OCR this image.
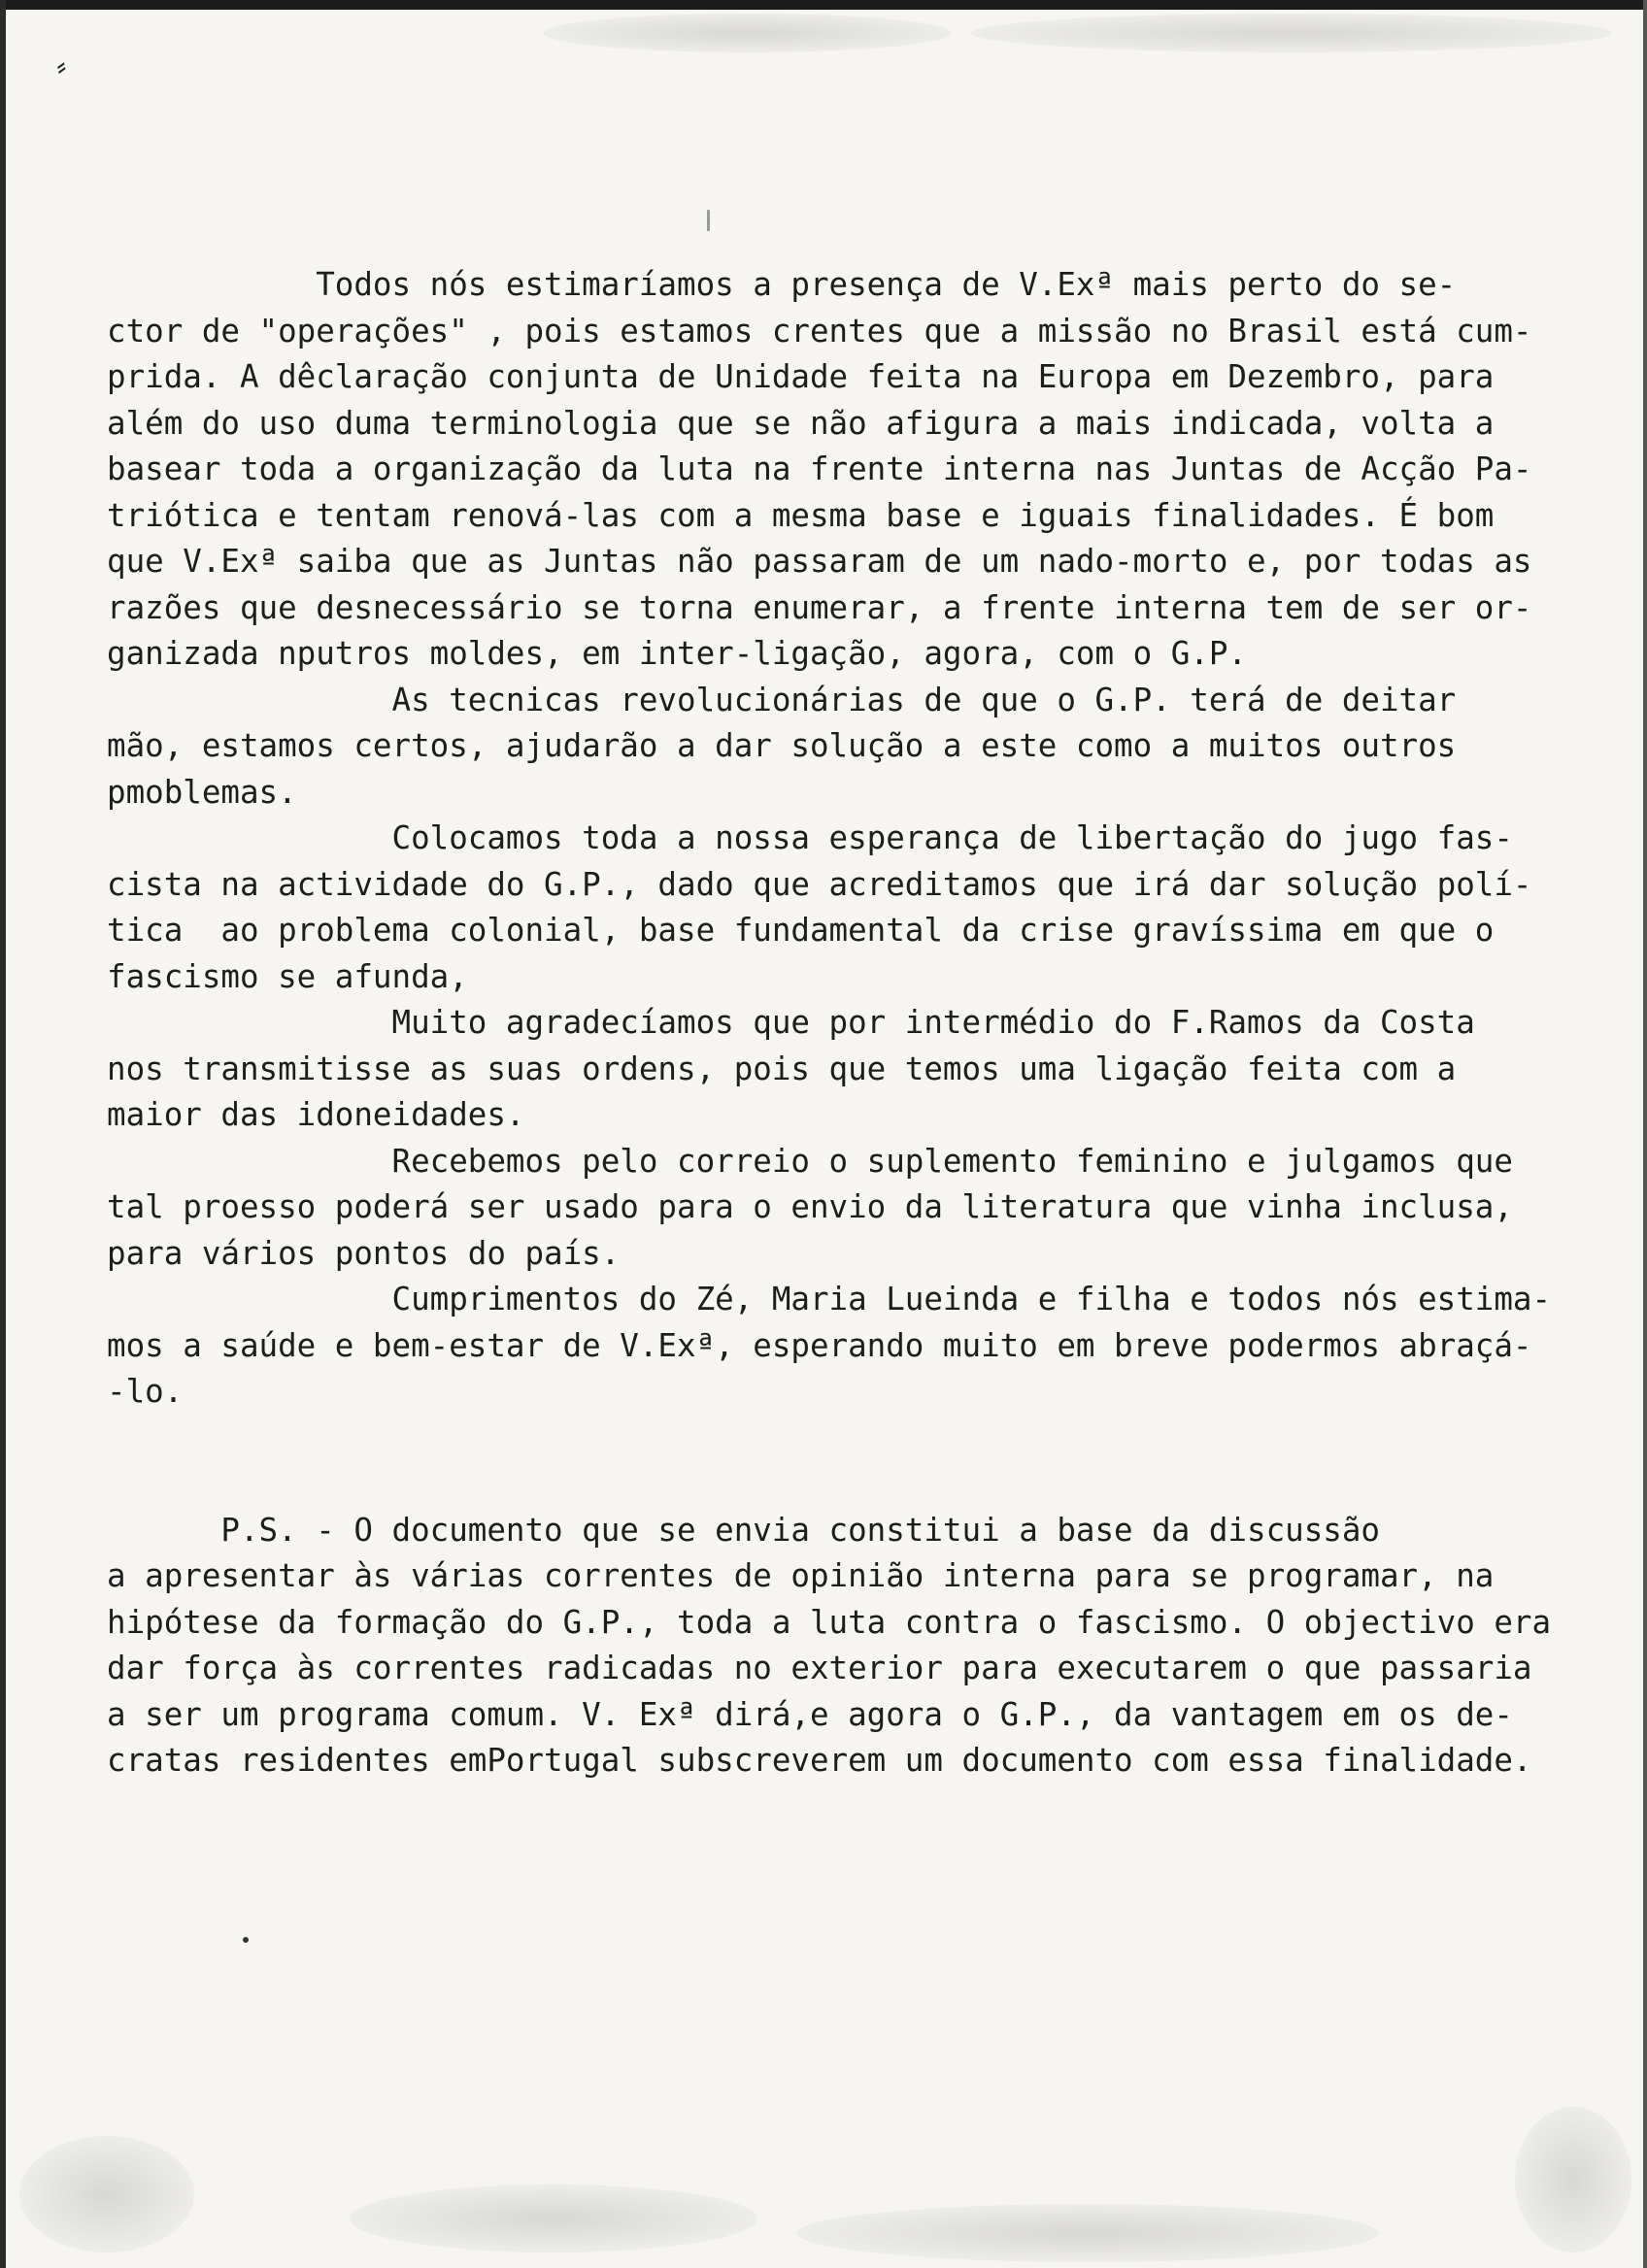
⸗
Todos nós estimaríamos a presença de V.Exª mais perto do se-
ctor de "operações" , pois estamos crentes que a missão no Brasil está cum-
prida. A dêclaração conjunta de Unidade feita na Europa em Dezembro, para
além do uso duma terminologia que se não afigura a mais indicada, volta a
basear toda a organização da luta na frente interna nas Juntas de Acção Pa-
triótica e tentam renová-las com a mesma base e iguais finalidades. É bom
que V.Exª saiba que as Juntas não passaram de um nado-morto e, por todas as
razões que desnecessário se torna enumerar, a frente interna tem de ser or-
ganizada nputros moldes, em inter-ligação, agora, com o G.P.
As tecnicas revolucionárias de que o G.P. terá de deitar
mão, estamos certos, ajudarão a dar solução a este como a muitos outros
pmoblemas.
Colocamos toda a nossa esperança de libertação do jugo fas-
cista na actividade do G.P., dado que acreditamos que irá dar solução polí-
tica  ao problema colonial, base fundamental da crise gravíssima em que o
fascismo se afunda,
Muito agradecíamos que por intermédio do F.Ramos da Costa
nos transmitisse as suas ordens, pois que temos uma ligação feita com a
maior das idoneidades.
Recebemos pelo correio o suplemento feminino e julgamos que
tal proesso poderá ser usado para o envio da literatura que vinha inclusa,
para vários pontos do país.
Cumprimentos do Zé, Maria Lueinda e filha e todos nós estima-
mos a saúde e bem-estar de V.Exª, esperando muito em breve podermos abraçá-
-lo.
P.S. - O documento que se envia constitui a base da discussão
a apresentar às várias correntes de opinião interna para se programar, na
hipótese da formação do G.P., toda a luta contra o fascismo. O objectivo era
dar força às correntes radicadas no exterior para executarem o que passaria
a ser um programa comum. V. Exª dirá,e agora o G.P., da vantagem em os de-
cratas residentes emPortugal subscreverem um documento com essa finalidade.
